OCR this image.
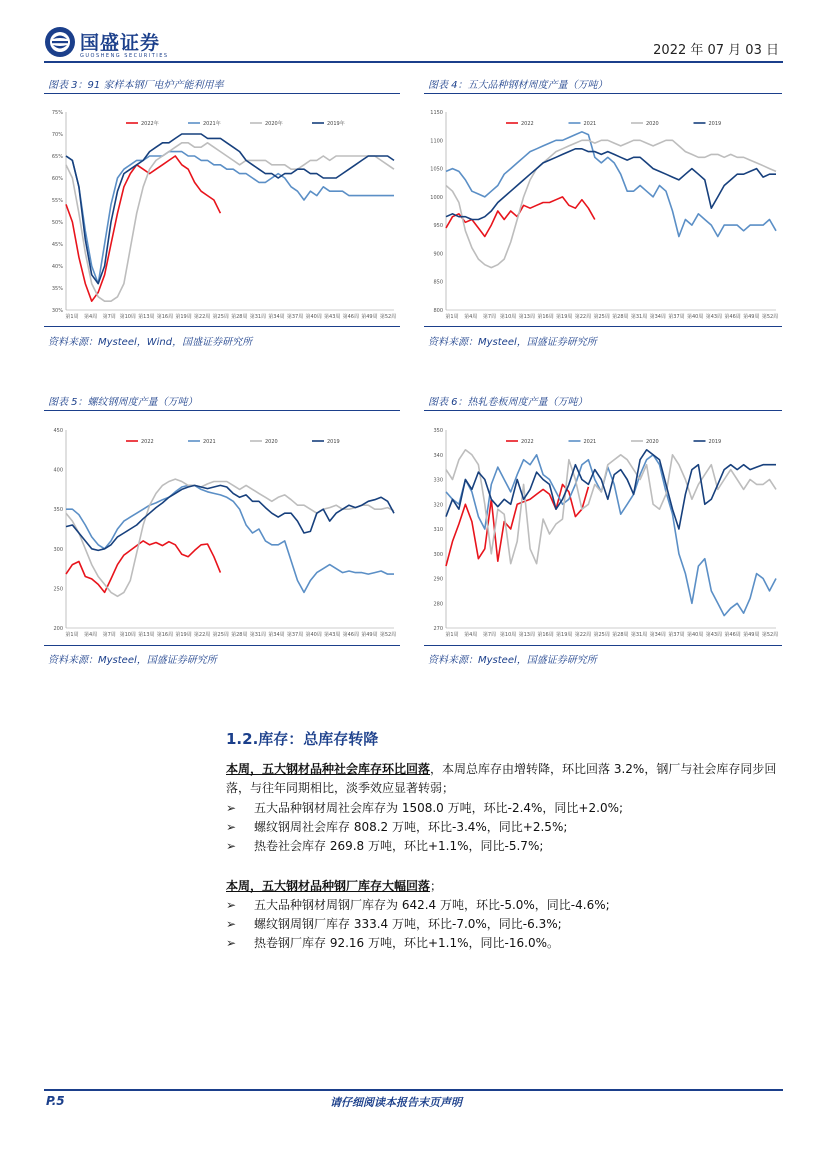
国盛证券
GUOSHENG SECURITIES	2022 年 07 月 03 日
图表 3：91 家样本钢厂电炉产能利用率
30%
35%
40%
45%
50%
55%
60%
65%
70%
75%
第1周 第4周 第7周 第10周 第13周 第16周 第19周 第22周 第25周 第28周 第31周 第34周 第37周 第40周 第43周 第46周 第49周 第52周
2022年	2021年	2020年	2019年
资料来源：Mysteel，Wind，国盛证券研究所
图表 4：五大品种钢材周度产量（万吨）
800
850
900
950
1000
1050
1100
1150
第1周 第4周 第7周 第10周 第13周 第16周 第19周 第22周 第25周 第28周 第31周 第34周 第37周 第40周 第43周 第46周 第49周 第52周
2022	2021	2020	2019
资料来源：Mysteel，国盛证券研究所
图表 5：螺纹钢周度产量（万吨）
200
250
300
350
400
450
第1周 第4周 第7周 第10周 第13周 第16周 第19周 第22周 第25周 第28周 第31周 第34周 第37周 第40周 第43周 第46周 第49周 第52周
2022	2021	2020	2019
资料来源：Mysteel，国盛证券研究所
图表 6：热轧卷板周度产量（万吨）
270
280
290
300
310
320
330
340
350
第1周 第4周 第7周 第10周 第13周 第16周 第19周 第22周 第25周 第28周 第31周 第34周 第37周 第40周 第43周 第46周 第49周 第52周
2022	2021	2020	2019
资料来源：Mysteel，国盛证券研究所
1.2.库存：总库存转降
本周，五大钢材品种社会库存环比回落，本周总库存由增转降，环比回落 3.2%，钢厂与社会库存同步回落，与往年同期相比，淡季效应显著转弱；
➢ 五大品种钢材周社会库存为 1508.0 万吨，环比-2.4%，同比+2.0%;
➢ 螺纹钢周社会库存 808.2 万吨，环比-3.4%，同比+2.5%;
➢ 热卷社会库存 269.8 万吨，环比+1.1%，同比-5.7%;
本周，五大钢材品种钢厂库存大幅回落；
➢ 五大品种钢材周钢厂库存为 642.4 万吨，环比-5.0%，同比-4.6%;
➢ 螺纹钢周钢厂库存 333.4 万吨，环比-7.0%，同比-6.3%;
➢ 热卷钢厂库存 92.16 万吨，环比+1.1%，同比-16.0%。
P.5	请仔细阅读本报告末页声明
